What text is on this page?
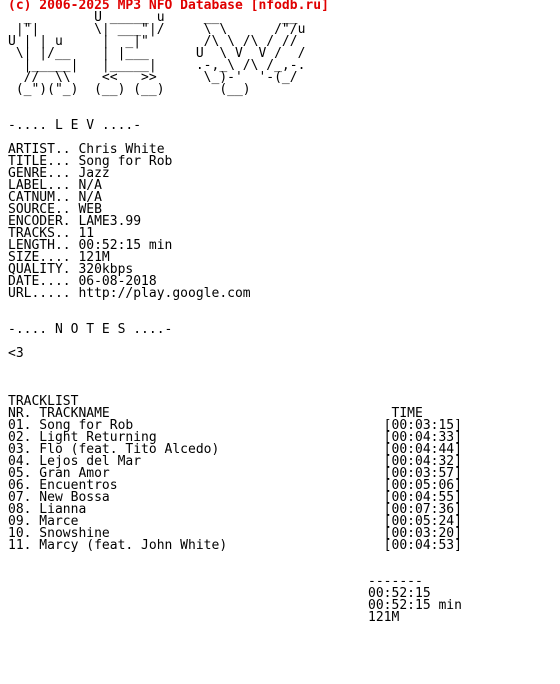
(c) 2006-2025 MP3 NFO Database [nfodb.ru]
_        U _____ u     __        __
|"|       \| ___"|/     \ \      /"/u
U | | u     |  _|"       /\ \ /\ / //
\| |/__    | |___      U  \ V  V /  /
|_____|   |_____|     .-,_\ /\ /_,-.
//  \\    <<   >>      \_)-'  '-(_/
(_")("_)  (__) (__)       (__)

-.... L E V ....-

ARTIST.. Chris White
TITLE... Song for Rob
GENRE... Jazz
LABEL... N/A
CATNUM.. N/A
SOURCE.. WEB
ENCODER. LAME3.99
TRACKS.. 11
LENGTH.. 00:52:15 min
SIZE.... 121M
QUALITY. 320kbps
DATE.... 06-08-2018
URL..... http://play.google.com

-.... N O T E S ....-

<3

TRACKLIST
NR. TRACKNAME                                    TIME
01. Song for Rob                                [00:03:15]
02. Light Returning                             [00:04:33]
03. Flo (feat. Tito Alcedo)                     [00:04:44]
04. Lejos del Mar                               [00:04:32]
05. Gran Amor                                   [00:03:57]
06. Encuentros                                  [00:05:06]
07. New Bossa                                   [00:04:55]
08. Lianna                                      [00:07:36]
09. Marce                                       [00:05:24]
10. Snowshine                                   [00:03:20]
11. Marcy (feat. John White)                    [00:04:53]

-------
00:52:15
00:52:15 min
121M
